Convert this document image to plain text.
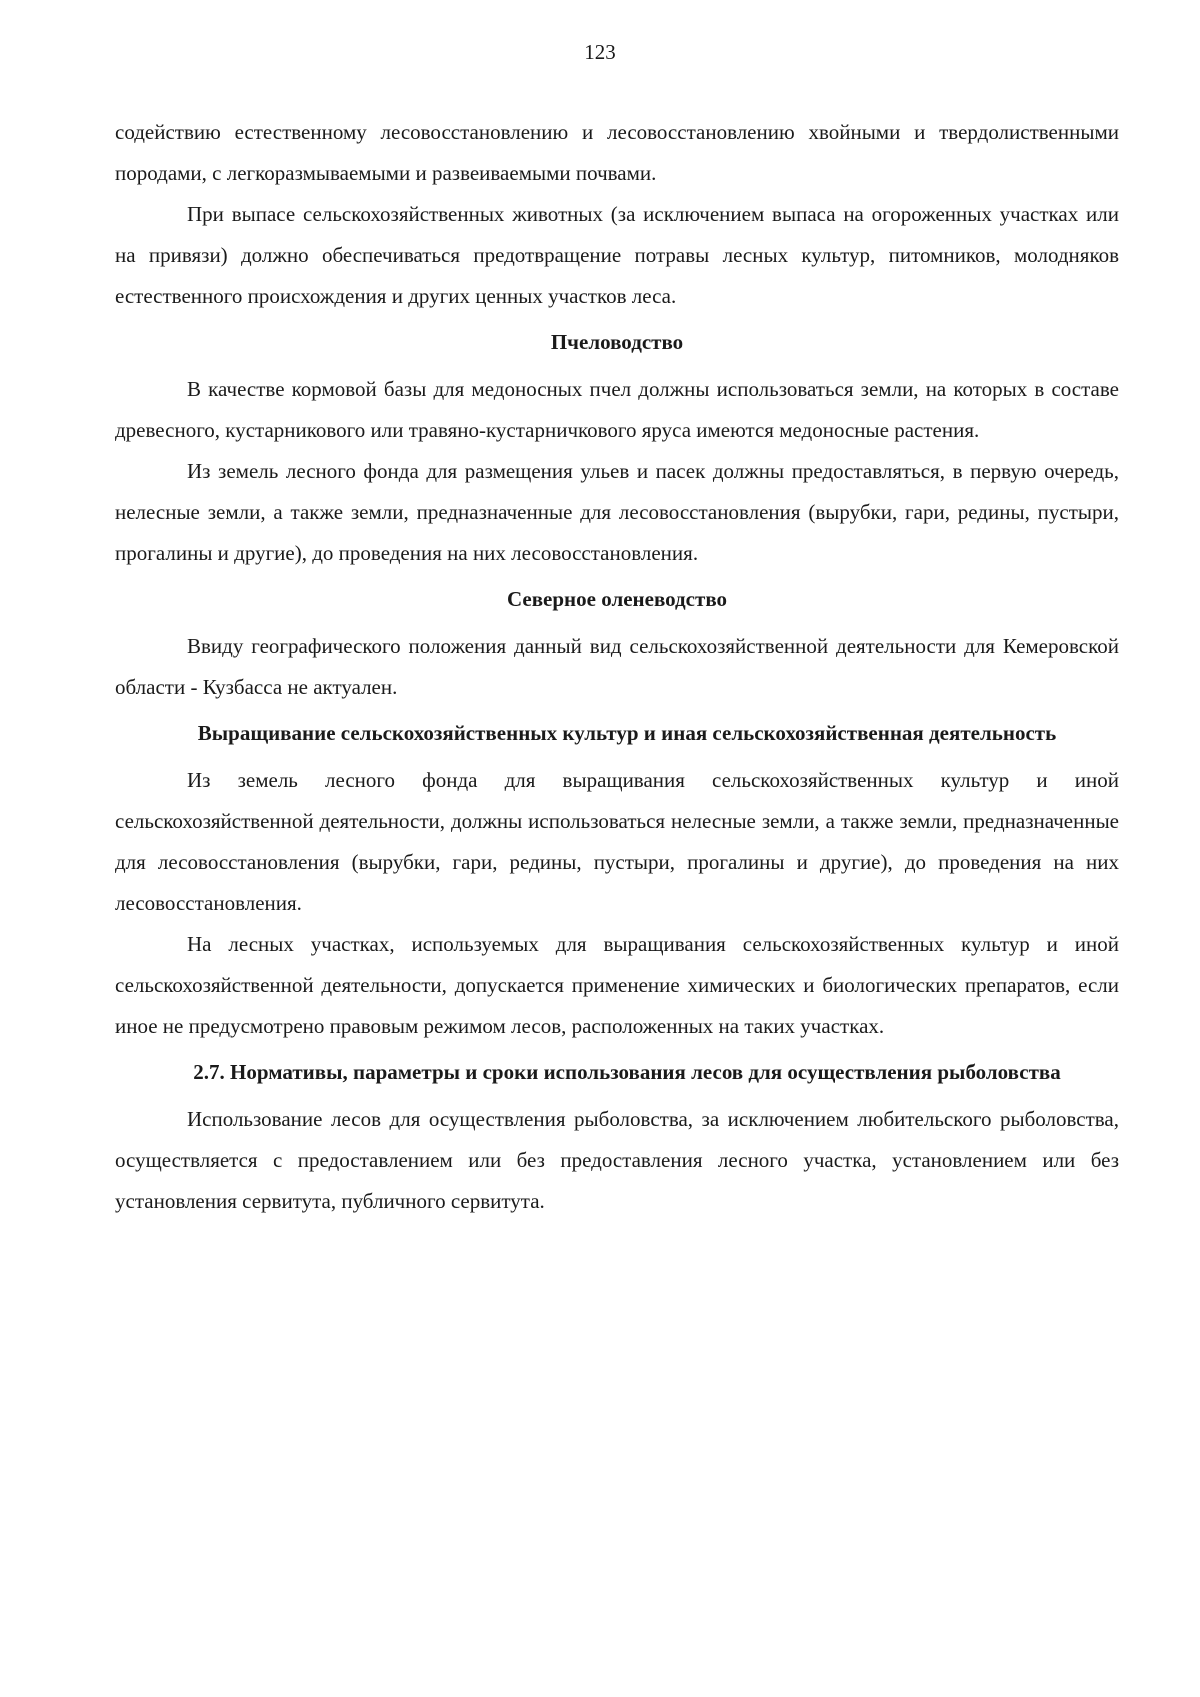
123

содействию естественному лесовосстановлению и лесовосстановлению хвойными и твердолиственными породами, с легкоразмываемыми и развеиваемыми почвами.

При выпасе сельскохозяйственных животных (за исключением выпаса на огороженных участках или на привязи) должно обеспечиваться предотвращение потравы лесных культур, питомников, молодняков естественного происхождения и других ценных участков леса.

Пчеловодство

В качестве кормовой базы для медоносных пчел должны использоваться земли, на которых в составе древесного, кустарникового или травяно-кустарничкового яруса имеются медоносные растения.

Из земель лесного фонда для размещения ульев и пасек должны предоставляться, в первую очередь, нелесные земли, а также земли, предназначенные для лесовосстановления (вырубки, гари, редины, пустыри, прогалины и другие), до проведения на них лесовосстановления.

Северное оленеводство

Ввиду географического положения данный вид сельскохозяйственной деятельности для Кемеровской области - Кузбасса не актуален.

Выращивание сельскохозяйственных культур и иная сельскохозяйственная деятельность

Из земель лесного фонда для выращивания сельскохозяйственных культур и иной сельскохозяйственной деятельности, должны использоваться нелесные земли, а также земли, предназначенные для лесовосстановления (вырубки, гари, редины, пустыри, прогалины и другие), до проведения на них лесовосстановления.

На лесных участках, используемых для выращивания сельскохозяйственных культур и иной сельскохозяйственной деятельности, допускается применение химических и биологических препаратов, если иное не предусмотрено правовым режимом лесов, расположенных на таких участках.

2.7. Нормативы, параметры и сроки использования лесов для осуществления рыболовства

Использование лесов для осуществления рыболовства, за исключением любительского рыболовства, осуществляется с предоставлением или без предоставления лесного участка, установлением или без установления сервитута, публичного сервитута.
